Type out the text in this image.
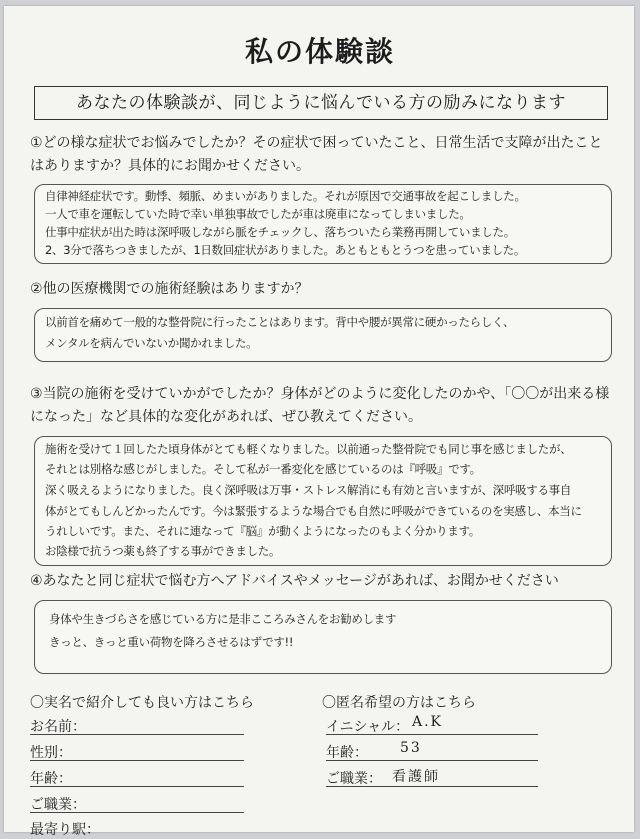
私の体験談
あなたの体験談が、同じように悩んでいる方の励みになります
①どの様な症状でお悩みでしたか？その症状で困っていたこと、日常生活で支障が出たことはありますか？具体的にお聞かせください。
自律神経症状です。動悸、頻脈、めまいがありました。それが原因で交通事故を起こしました。
一人で車を運転していた時で幸い単独事故でしたが車は廃車になってしまいました。
仕事中症状が出た時は深呼吸しながら脈をチェックし、落ちついたら業務再開していました。
2、3分で落ちつきましたが、1日数回症状がありました。あともともとうつを患っていました。
②他の医療機関での施術経験はありますか？
以前首を痛めて一般的な整骨院に行ったことはあります。背中や腰が異常に硬かったらしく、
メンタルを病んでいないか聞かれました。
③当院の施術を受けていかがでしたか？身体がどのように変化したのかや、「〇〇が出来る様になった」など具体的な変化があれば、ぜひ教えてください。
施術を受けて１回したた頃身体がとても軽くなりました。以前通った整骨院でも同じ事を感じましたが、
それとは別格な感じがしました。そして私が一番変化を感じているのは『呼吸』です。
深く吸えるようになりました。良く深呼吸は万事・ストレス解消にも有効と言いますが、深呼吸する事自
体がとてもしんどかったんです。今は緊張するような場合でも自然に呼吸ができているのを実感し、本当に
うれしいです。また、それに連なって『脳』が動くようになったのもよく分かります。
お陰様で抗うつ薬も終了する事ができました。
④あなたと同じ症状で悩む方へアドバイスやメッセージがあれば、お聞かせください
身体や生きづらさを感じている方に是非こころみさんをお勧めします
きっと、きっと重い荷物を降ろさせるはずです!!
〇実名で紹介しても良い方はこちら
お名前：
性別：
年齢：
ご職業：
最寄り駅：
〇匿名希望の方はこちら
イニシャル： A.K
年齢： 53
ご職業： 看護師
